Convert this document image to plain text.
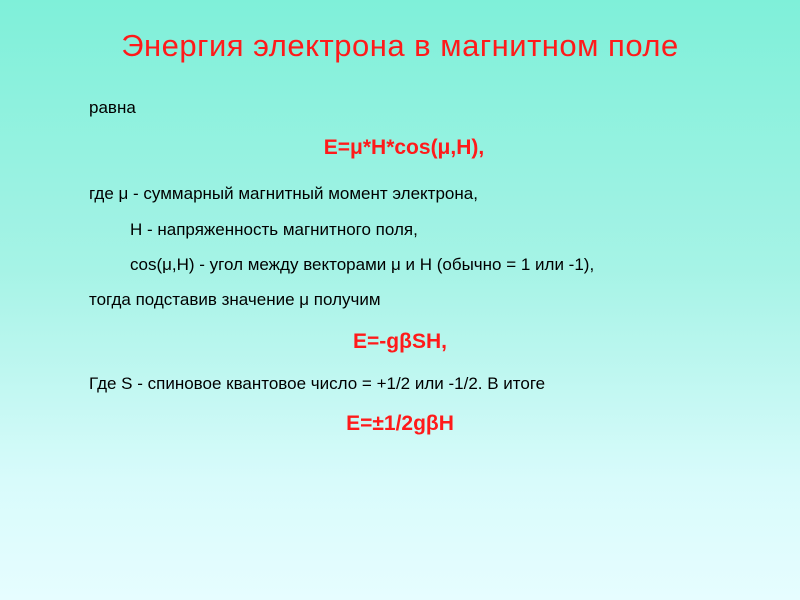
Энергия электрона в магнитном поле
равна
E=μ*H*cos(μ,H),
где μ - суммарный магнитный момент электрона,
H - напряженность магнитного поля,
cos(μ,H) - угол между векторами μ и H (обычно = 1 или -1),
тогда подставив значение μ получим
E=-gβSH,
Где S - спиновое квантовое число = +1/2 или -1/2. В итоге
E=±1/2gβH
